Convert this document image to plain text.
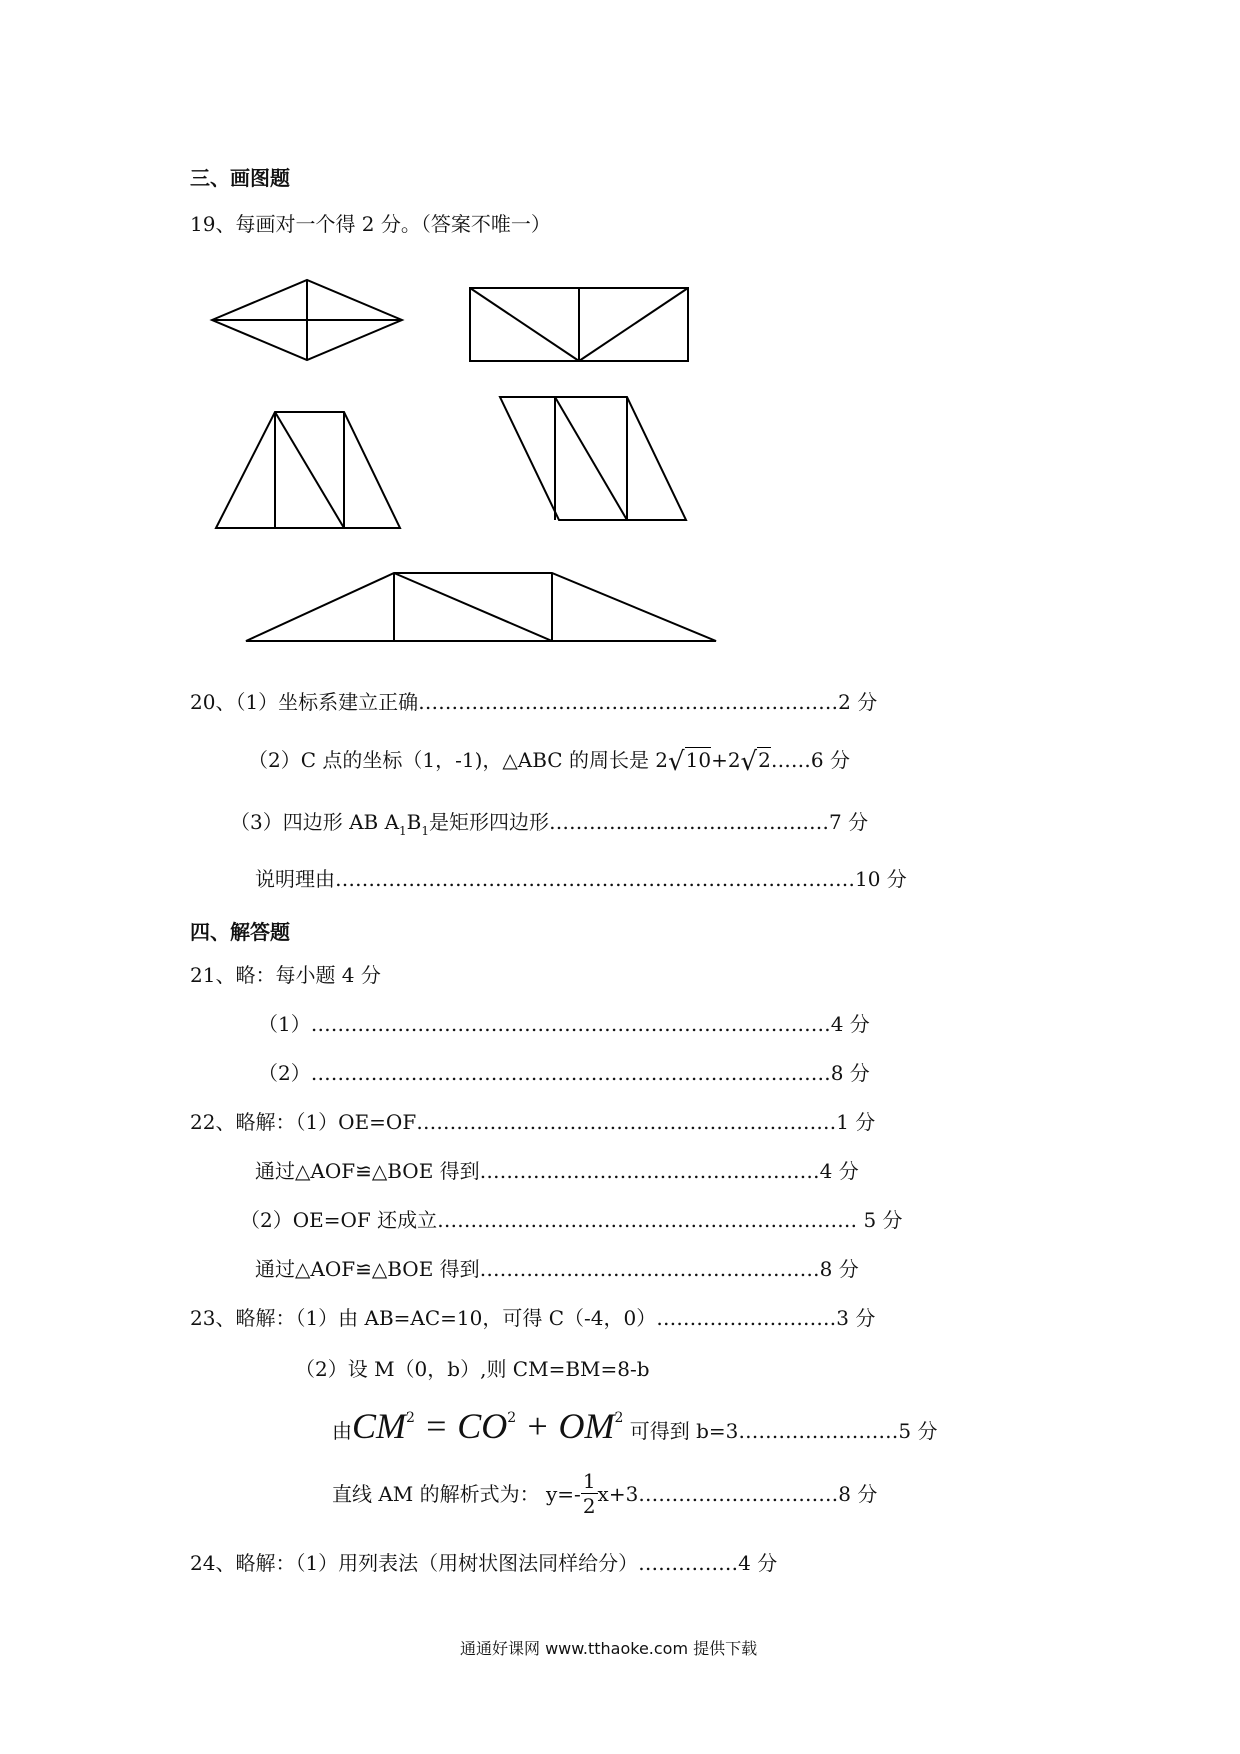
三、画图题
19、每画对一个得 2 分。（答案不唯一）
20、（1）坐标系建立正确………………………………………………………2 分
（2）C 点的坐标（1，-1)，△ABC 的周长是 2√10+2√2……6 分
（3）四边形 AB $A_1B_1$是矩形四边形……………………………………7 分
说明理由……………………………………………………………………10 分
四、解答题
21、略：每小题 4 分
（1）……………………………………………………………………4 分
（2）……………………………………………………………………8 分
22、略解：（1）OE=OF………………………………………………………1 分
通过△AOF≌△BOE 得到……………………………………………4 分
（2）OE=OF 还成立……………………………………………………… 5 分
通过△AOF≌△BOE 得到……………………………………………8 分
23、略解：（1）由 AB=AC=10，可得 C（-4，0）………………………3 分
（2）设 M（0，b）,则 CM=BM=8-b
由$CM^2 = CO^2 + OM^2$ 可得到 b=3……………………5 分
直线 AM 的解析式为： $y=- \frac{1}{2}$ x+3…………………………8 分
24、略解：（1）用列表法（用树状图法同样给分）……………4 分
通通好课网 www.tthaoke.com 提供下载
